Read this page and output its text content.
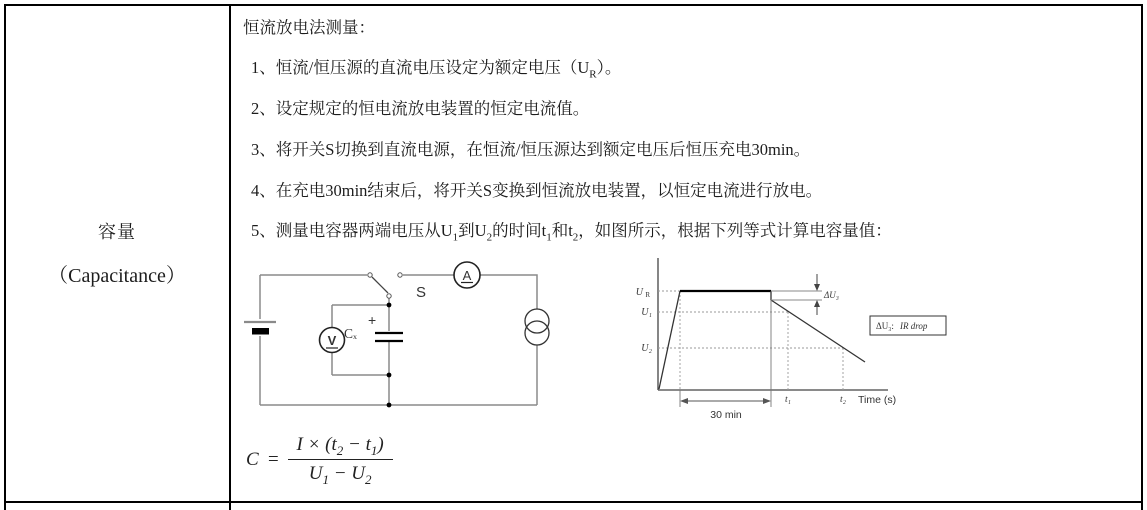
容量
（Capacitance）
恒流放电法测量：
1、恒流/恒压源的直流电压设定为额定电压$(U_R)$。
2、设定规定的恒电流放电装置的恒定电流值。
3、将开关S切换到直流电源，在恒流/恒压源达到额定电压后恒压充电30min。
4、在充电30min结束后，将开关S变换到恒流放电装置，以恒定电流进行放电。
5、测量电容器两端电压从$U_1$到$U_2$的时间$t_1$和$t_2$，如图所示，根据下列等式计算电容量值：
A
V
S
+
Cₓ
ΔU₃
ΔU₃: IR drop
U R
U₁
U₂
t₁	t₂ Time (s)
30 min
$C = \frac{I \times (t_2 - t_1)}{U_1 - U_2}$
